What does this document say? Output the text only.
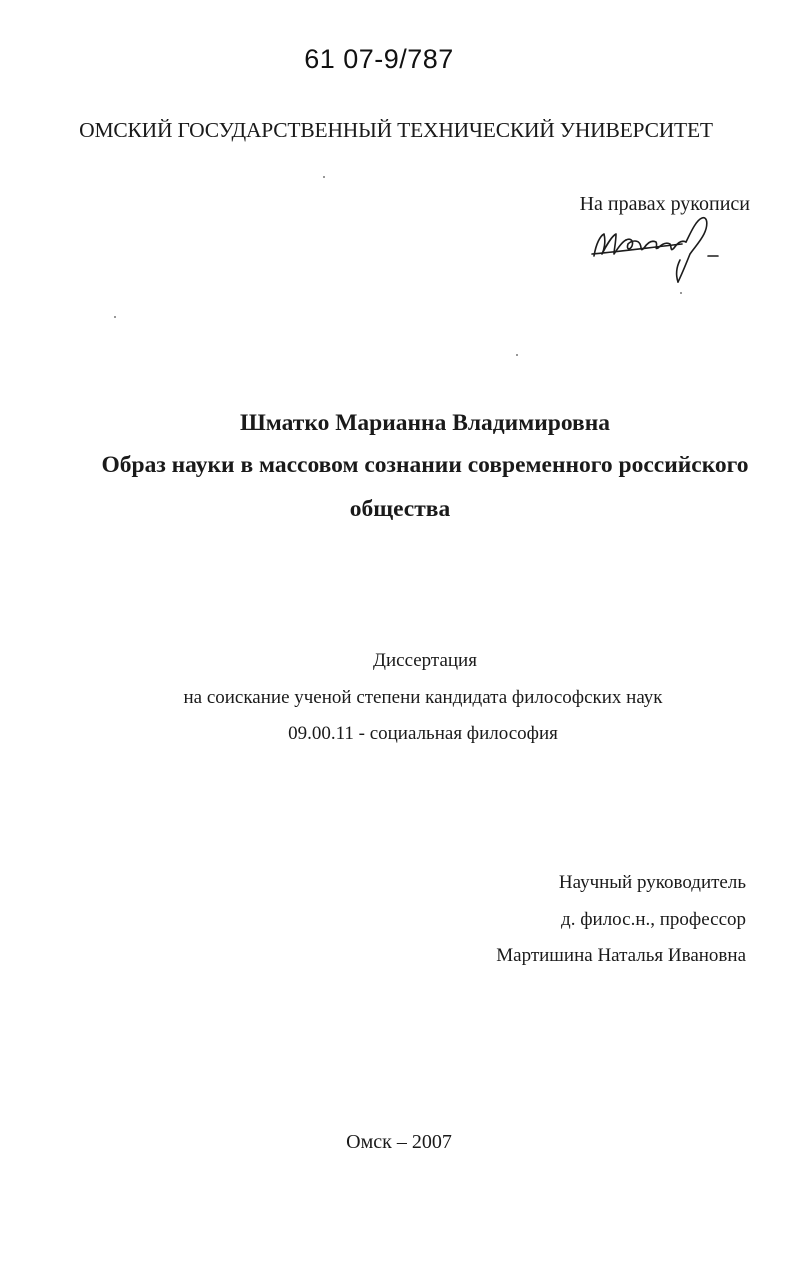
61 07-9/787
ОМСКИЙ ГОСУДАРСТВЕННЫЙ ТЕХНИЧЕСКИЙ УНИВЕРСИТЕТ
На правах рукописи
Шматко Марианна Владимировна
Образ науки в массовом сознании современного российского
общества
Диссертация
на соискание ученой степени кандидата философских наук
09.00.11 - социальная философия
Научный руководитель
д. филос.н., профессор
Мартишина Наталья Ивановна
Омск – 2007
